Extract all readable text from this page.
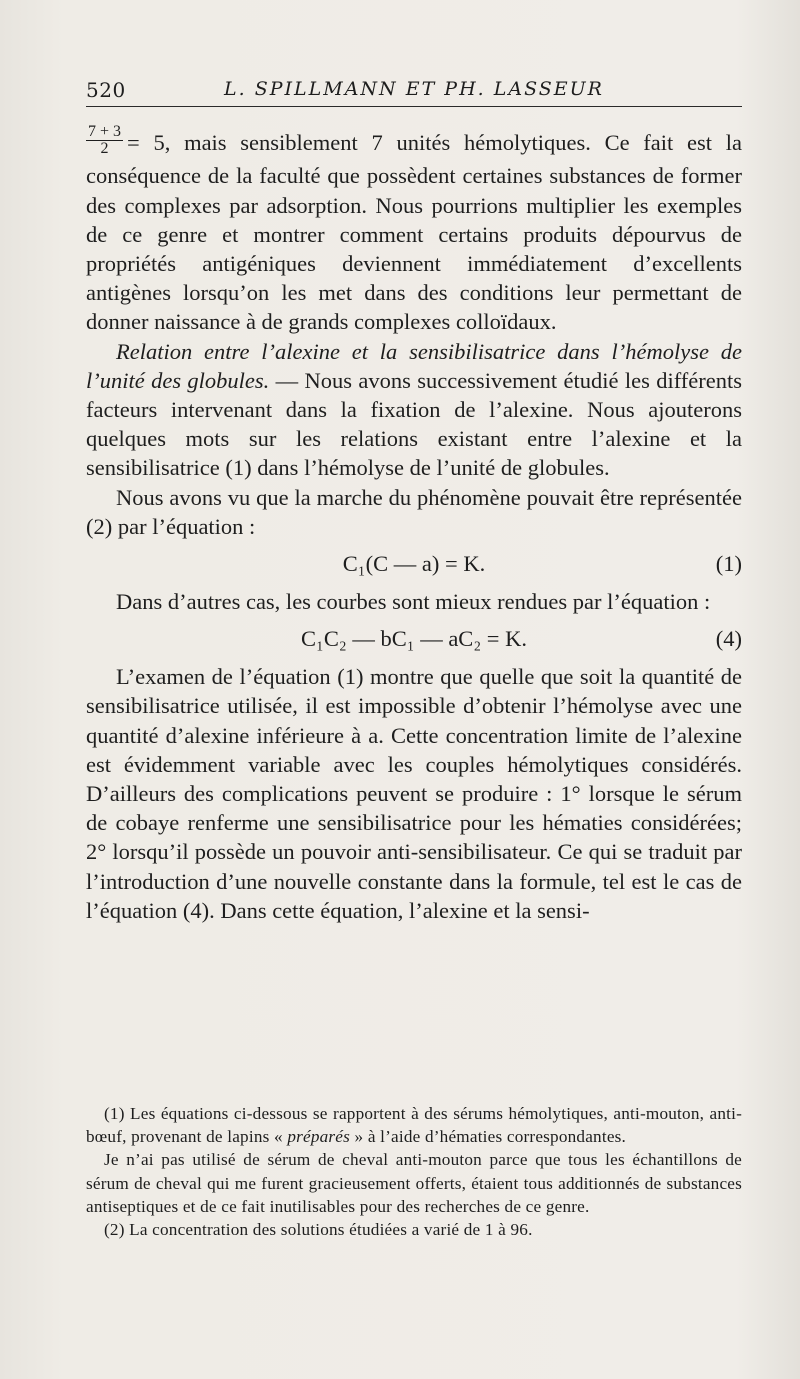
520	L. SPILLMANN ET PH. LASSEUR

$\frac{7 + 3}{2} = 5$, mais sensiblement 7 unités hémolytiques. Ce fait est la conséquence de la faculté que possèdent certaines substances de former des complexes par adsorption. Nous pourrions multiplier les exemples de ce genre et montrer comment certains produits dépourvus de propriétés antigéniques deviennent immédiatement d’excellents antigènes lorsqu’on les met dans des conditions leur permettant de donner naissance à de grands complexes colloïdaux.

Relation entre l’alexine et la sensibilisatrice dans l’hémolyse de l’unité des globules. — Nous avons successivement étudié les différents facteurs intervenant dans la fixation de l’alexine. Nous ajouterons quelques mots sur les relations existant entre l’alexine et la sensibilisatrice (1) dans l’hémolyse de l’unité de globules.

Nous avons vu que la marche du phénomène pouvait être représentée (2) par l’équation :

C₁(C — a) = K.	(1)

Dans d’autres cas, les courbes sont mieux rendues par l’équation :

C₁C₂ — bC₁ — aC₂ = K.	(4)

L’examen de l’équation (1) montre que quelle que soit la quantité de sensibilisatrice utilisée, il est impossible d’obtenir l’hémolyse avec une quantité d’alexine inférieure à a. Cette concentration limite de l’alexine est évidemment variable avec les couples hémolytiques considérés. D’ailleurs des complications peuvent se produire : 1° lorsque le sérum de cobaye renferme une sensibilisatrice pour les hématies considérées; 2° lorsqu’il possède un pouvoir anti-sensibilisateur. Ce qui se traduit par l’introduction d’une nouvelle constante dans la formule, tel est le cas de l’équation (4). Dans cette équation, l’alexine et la sensi-

(1) Les équations ci-dessous se rapportent à des sérums hémolytiques, anti-mouton, anti-bœuf, provenant de lapins « préparés » à l’aide d’hématies correspondantes.

Je n’ai pas utilisé de sérum de cheval anti-mouton parce que tous les échantillons de sérum de cheval qui me furent gracieusement offerts, étaient tous additionnés de substances antiseptiques et de ce fait inutilisables pour des recherches de ce genre.

(2) La concentration des solutions étudiées a varié de 1 à 96.
